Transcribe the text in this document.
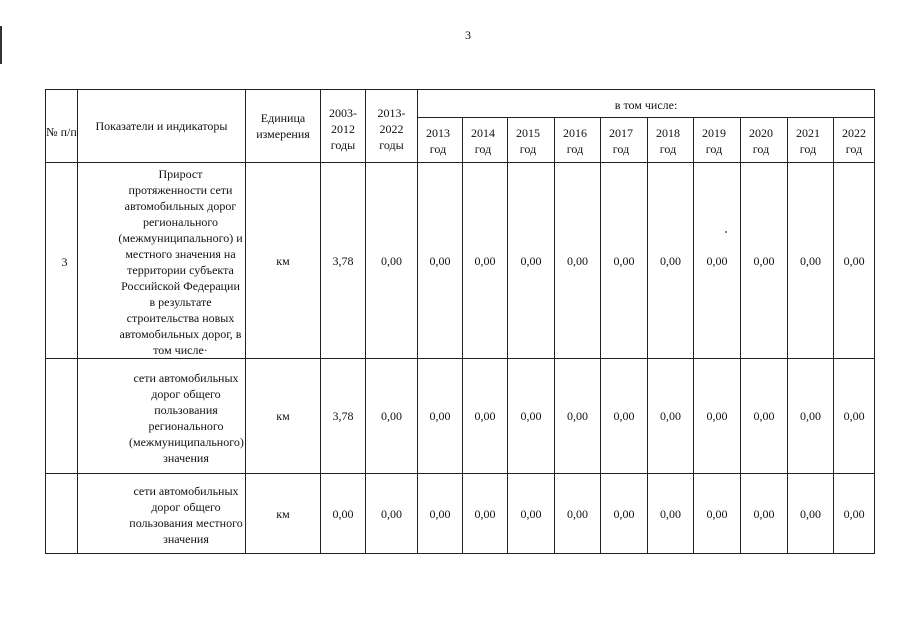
3
№ п/п	Показатели и индикаторы	Единица измерения	2003-2012 годы	2013-2022 годы	в том числе:									

					2013 год	2014 год	2015 год	2016 год	2017 год	2018 год	2019 год	2020 год	2021 год	2022 год

3	Прирост протяженности сети автомобильных дорог регионального (межмуниципального) и местного значения на территории субъекта Российской Федерации в результате строительства новых автомобильных дорог, в том числе·	км	3,78	0,00	0,00	0,00	0,00	0,00	0,00	0,00	0,00	0,00	0,00	0,00
	сети автомобильных дорог общего пользования регионального (межмуниципального) значения	км	3,78	0,00	0,00	0,00	0,00	0,00	0,00	0,00	0,00	0,00	0,00	0,00
	сети автомобильных дорог общего пользования местного значения	км	0,00	0,00	0,00	0,00	0,00	0,00	0,00	0,00	0,00	0,00	0,00	0,00
